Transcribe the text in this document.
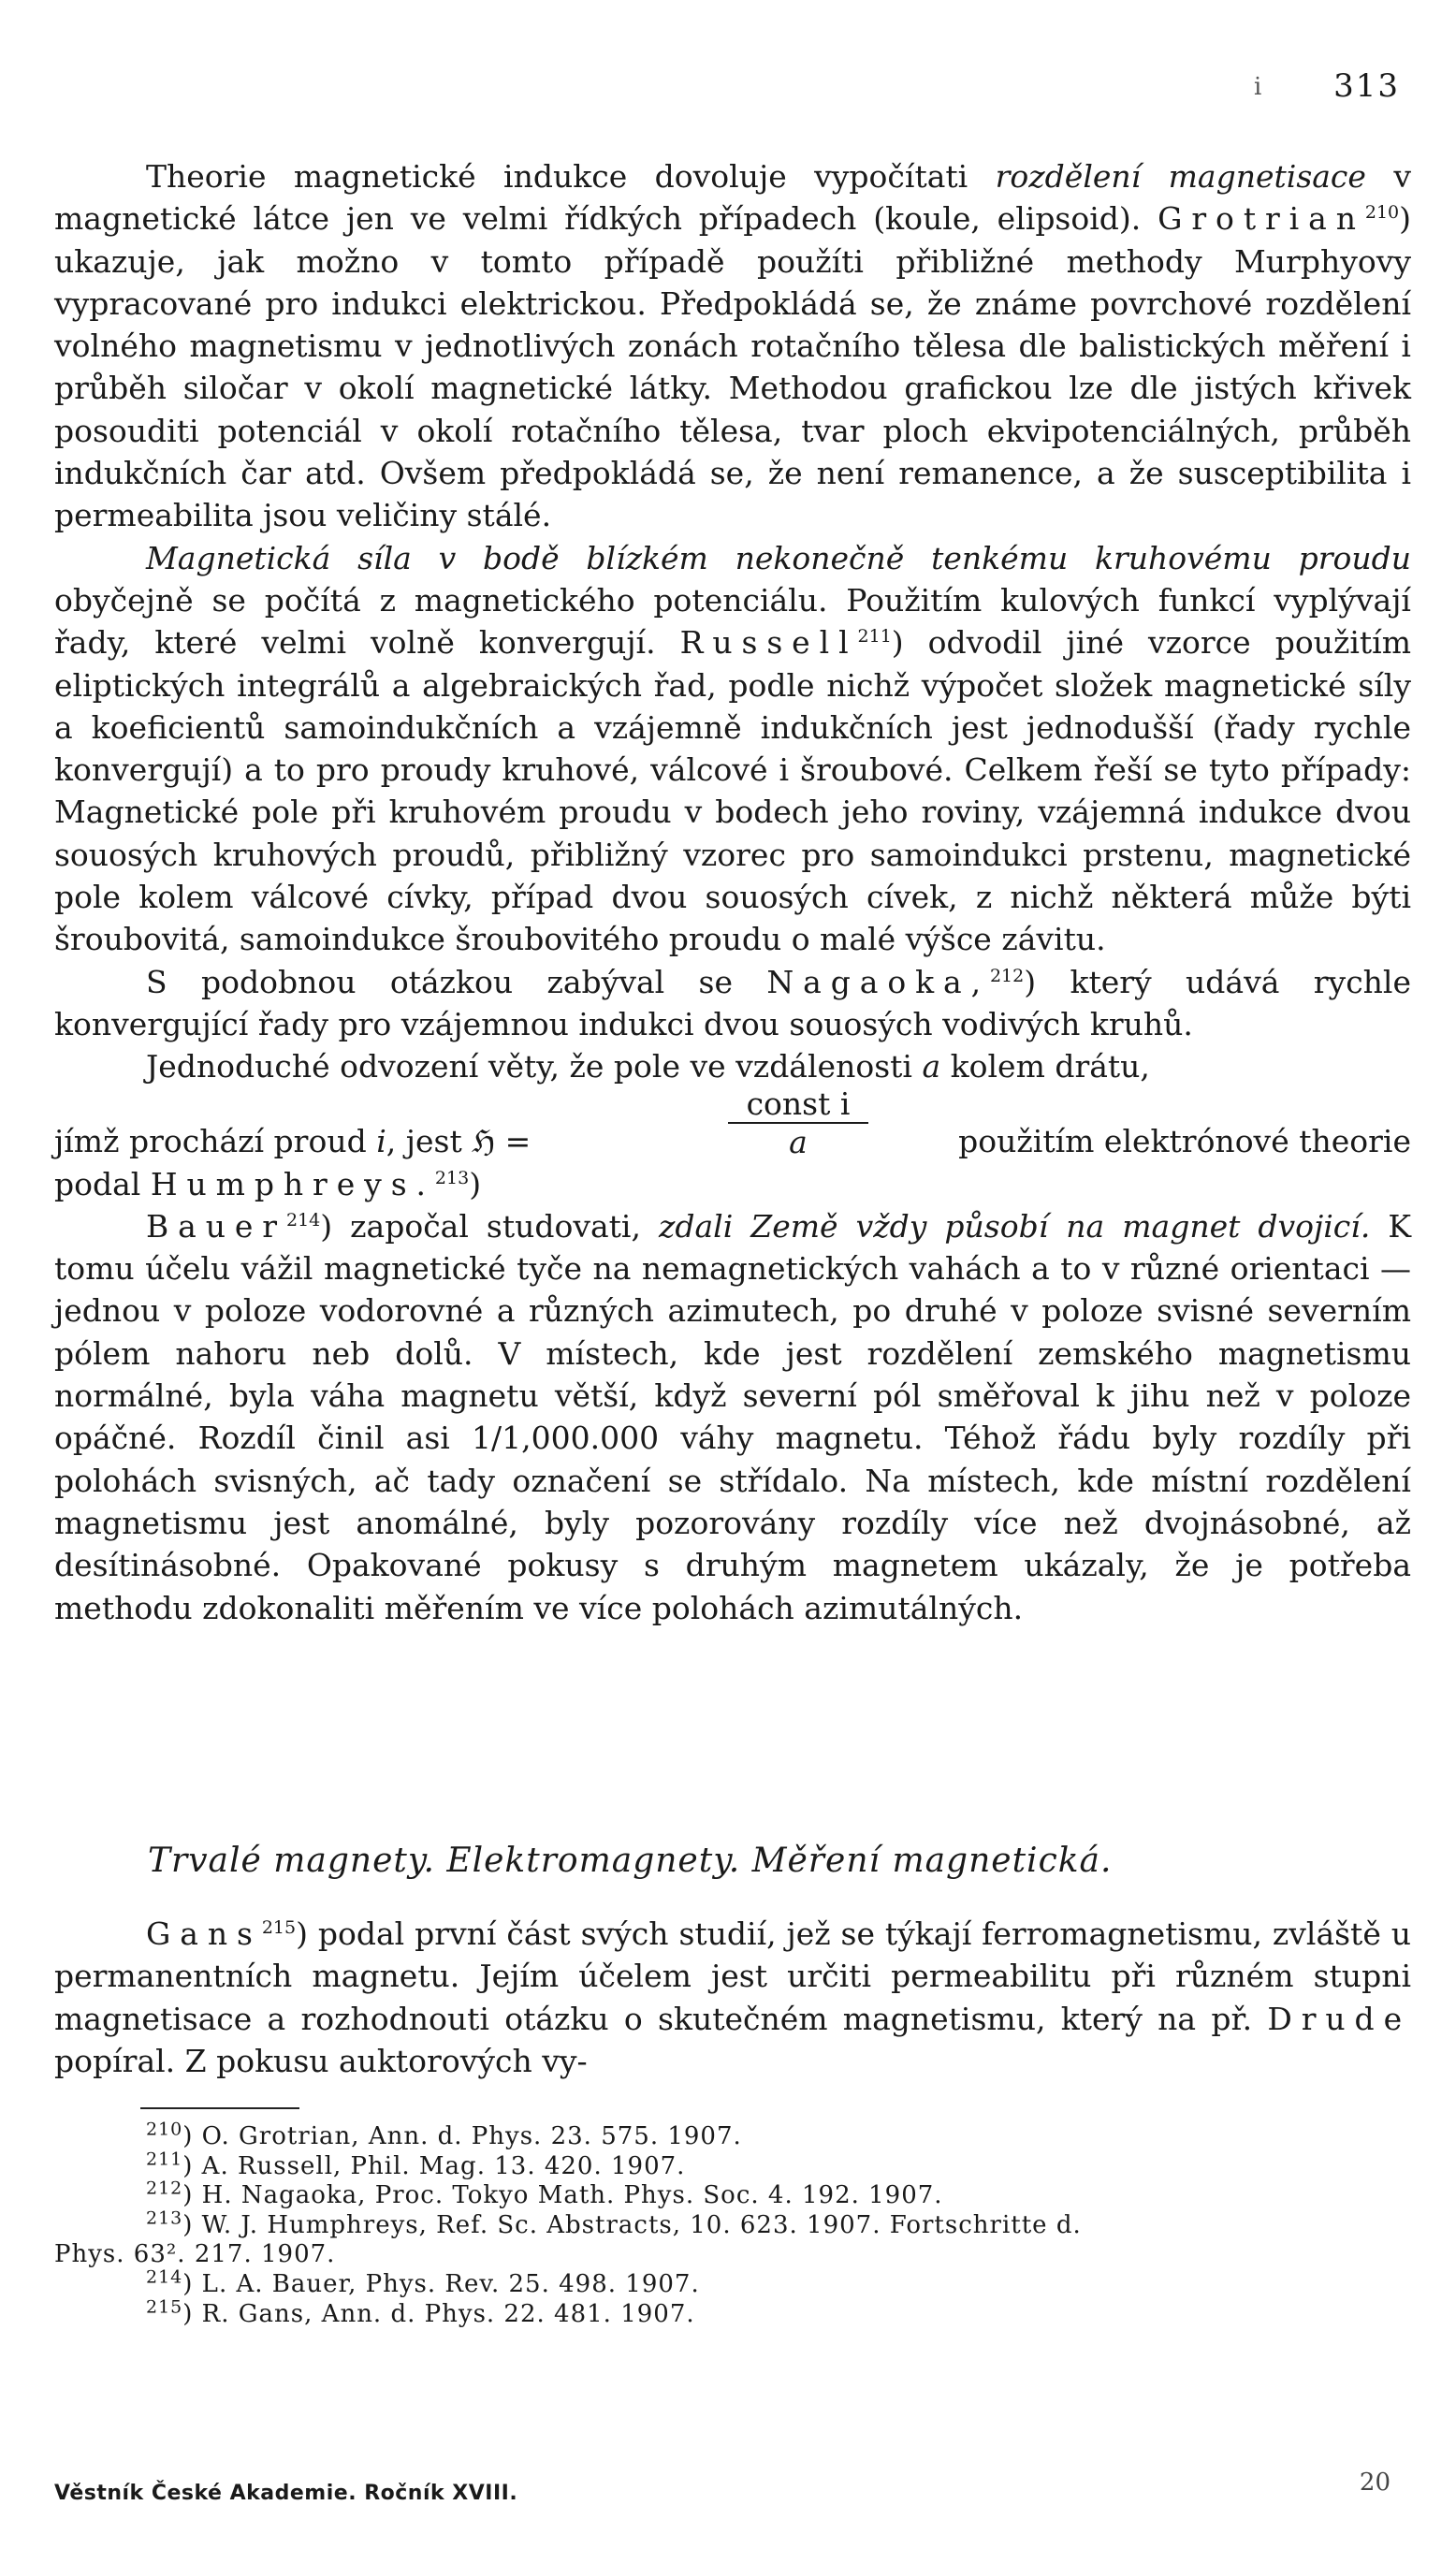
i 313

Theorie magnetické indukce dovoluje vypočítati rozdělení magnetisace v magnetické látce jen ve velmi řídkých případech (koule, elipsoid). Grotrian$^{210}$) ukazuje, jak možno v tomto případě použíti přibližné methody Murphyovy vypracované pro indukci elektrickou. Předpokládá se, že známe povrchové rozdělení volného magnetismu v jednotlivých zonách rotačního tělesa dle balistických měření i průběh siločar v okolí magnetické látky. Methodou grafickou lze dle jistých křivek posouditi potenciál v okolí rotačního tělesa, tvar ploch ekvipotenciálných, průběh indukčních čar atd. Ovšem předpokládá se, že není remanence, a že susceptibilita i permeabilita jsou veličiny stálé.

Magnetická síla v bodě blízkém nekonečně tenkému kruhovému proudu obyčejně se počítá z magnetického potenciálu. Použitím kulových funkcí vyplývají řady, které velmi volně konvergují. Russell$^{211}$) odvodil jiné vzorce použitím eliptických integrálů a algebraických řad, podle nichž výpočet složek magnetické síly a koeficientů samoindukčních a vzájemně indukčních jest jednodušší (řady rychle konvergují) a to pro proudy kruhové, válcové i šroubové. Celkem řeší se tyto případy: Magnetické pole při kruhovém proudu v bodech jeho roviny, vzájemná indukce dvou souosých kruhových proudů, přibližný vzorec pro samoindukci prstenu, magnetické pole kolem válcové cívky, případ dvou souosých cívek, z nichž některá může býti šroubovitá, samoindukce šroubovitého proudu o malé výšce závitu.

S podobnou otázkou zabýval se Nagaoka,$^{212}$) který udává rychle konvergující řady pro vzájemnou indukci dvou souosých vodivých kruhů.

Jednoduché odvození věty, že pole ve vzdálenosti a kolem drátu,

jímž prochází proud i, jest ℌ =
const i
a	použitím elektrónové theorie

podal Humphreys.$^{213}$)

Bauer$^{214}$) započal studovati, zdali Země vždy působí na magnet dvojicí. K tomu účelu vážil magnetické tyče na nemagnetických vahách a to v různé orientaci — jednou v poloze vodorovné a různých azimutech, po druhé v poloze svisné severním pólem nahoru neb dolů. V místech, kde jest rozdělení zemského magnetismu normálné, byla váha magnetu větší, když severní pól směřoval k jihu než v poloze opáčné. Rozdíl činil asi 1/1,000.000 váhy magnetu. Téhož řádu byly rozdíly při polohách svisných, ač tady označení se střídalo. Na místech, kde místní rozdělení magnetismu jest anomálné, byly pozorovány rozdíly více než dvojnásobné, až desítinásobné. Opakované pokusy s druhým magnetem ukázaly, že je potřeba methodu zdokonaliti měřením ve více polohách azimutálných.

Trvalé magnety. Elektromagnety. Měření magnetická.

Gans$^{215}$) podal první část svých studií, jež se týkají ferromagnetismu, zvláště u permanentních magnetu. Jejím účelem jest určiti permeabilitu při různém stupni magnetisace a rozhodnouti otázku o skutečném magnetismu, který na př. Drude popíral. Z pokusu auktorových vy-

$^{210}$) O. Grotrian, Ann. d. Phys. 23. 575. 1907.

$^{211}$) A. Russell, Phil. Mag. 13. 420. 1907.

$^{212}$) H. Nagaoka, Proc. Tokyo Math. Phys. Soc. 4. 192. 1907.

$^{213}$) W. J. Humphreys, Ref. Sc. Abstracts, 10. 623. 1907. Fortschritte d.

Phys. 63². 217. 1907.

$^{214}$) L. A. Bauer, Phys. Rev. 25. 498. 1907.

$^{215}$) R. Gans, Ann. d. Phys. 22. 481. 1907.

Věstník České Akademie. Ročník XVIII.	20
